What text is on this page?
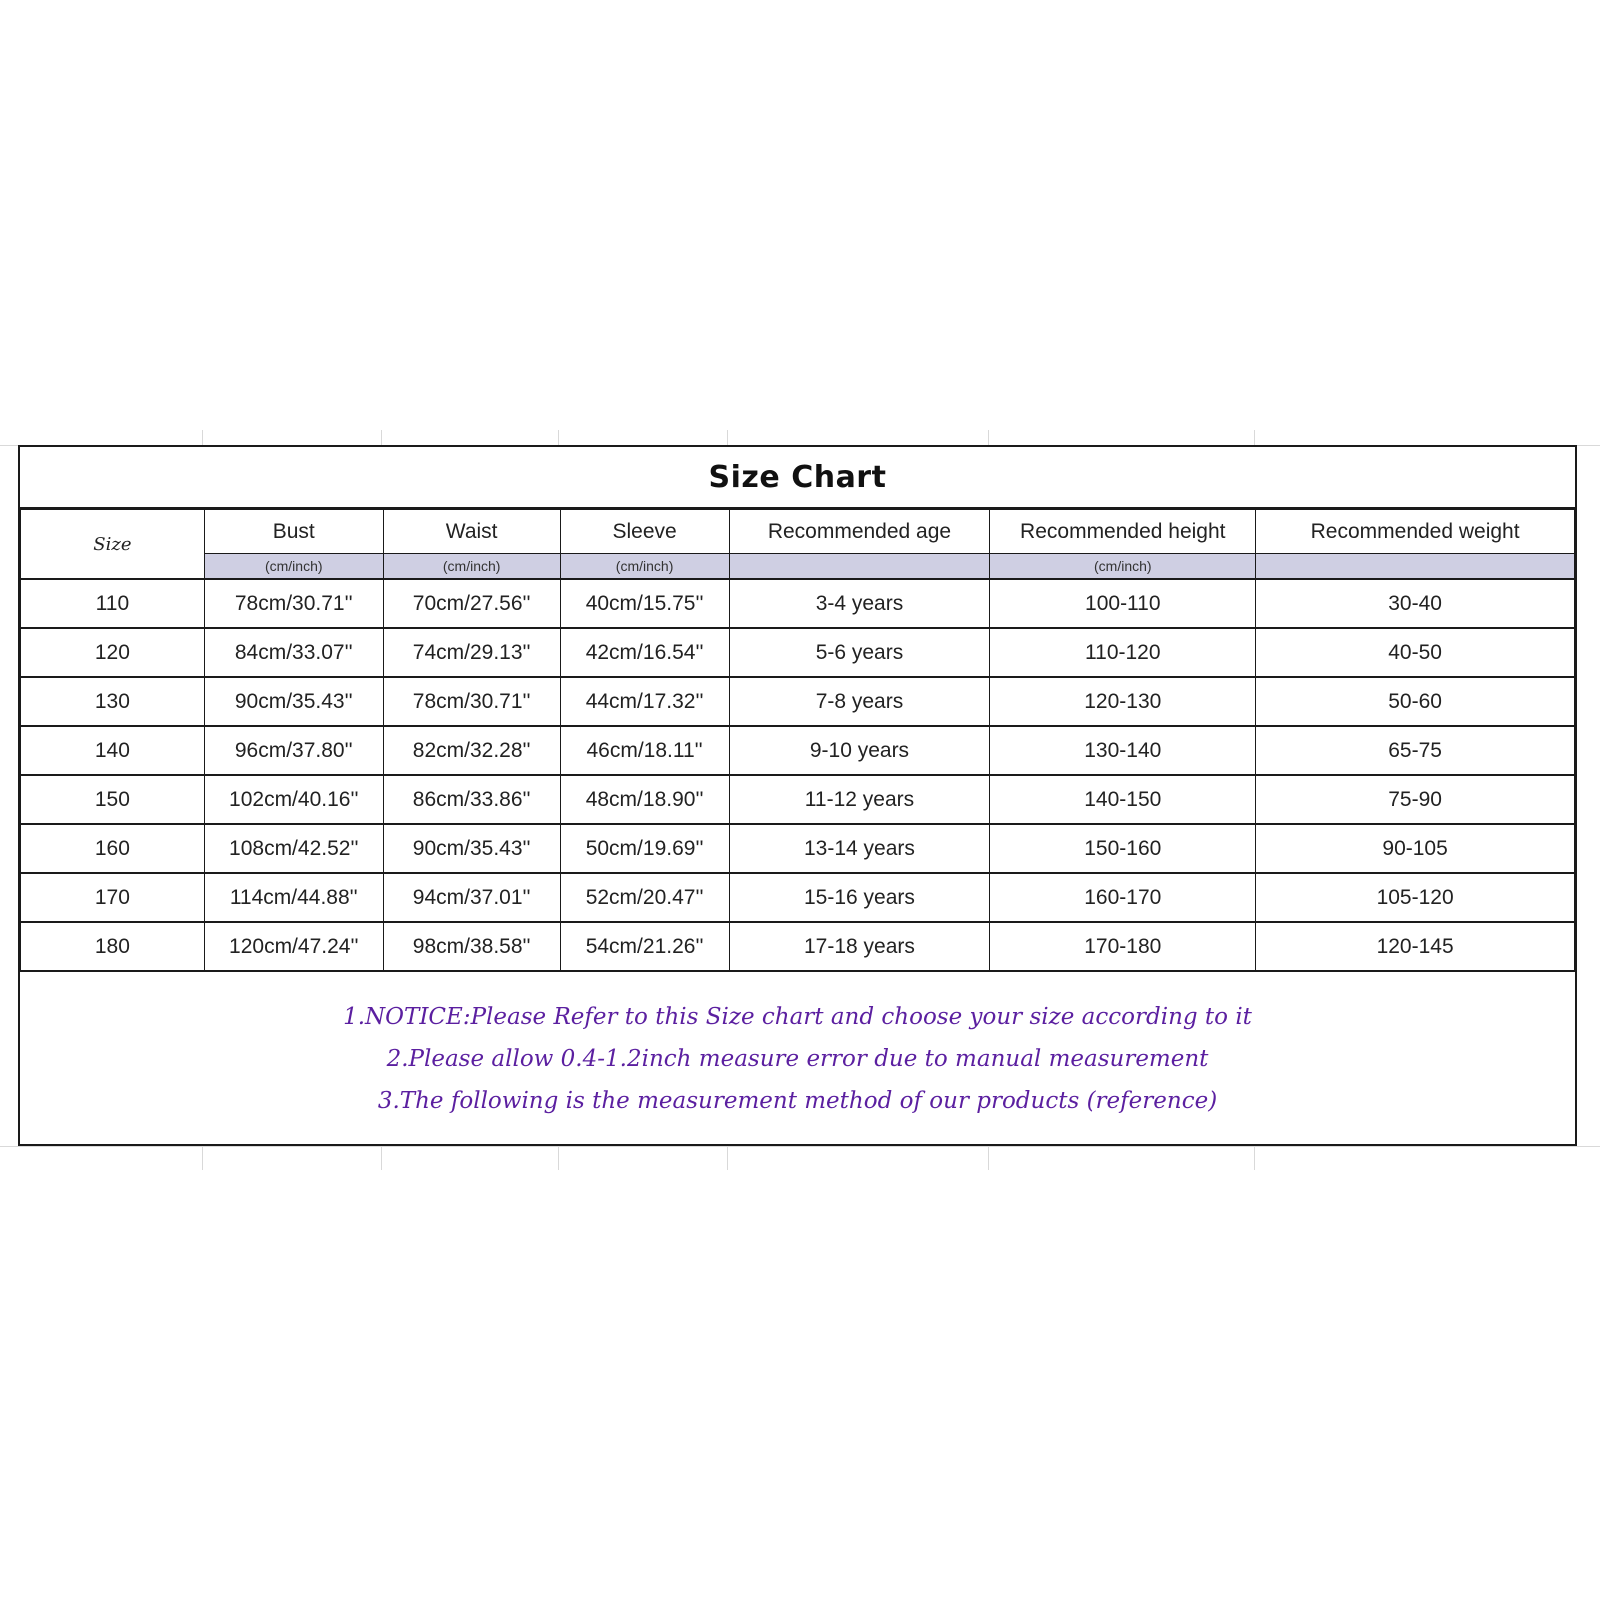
Size Chart
Size	Bust	Waist	Sleeve	Recommended age	Recommended height	Recommended weight
	(cm/inch)	(cm/inch)	(cm/inch)		(cm/inch)	
110	78cm/30.71''	70cm/27.56''	40cm/15.75''	3-4 years	100-110	30-40
120	84cm/33.07''	74cm/29.13''	42cm/16.54''	5-6 years	110-120	40-50
130	90cm/35.43''	78cm/30.71''	44cm/17.32''	7-8 years	120-130	50-60
140	96cm/37.80''	82cm/32.28''	46cm/18.11''	9-10 years	130-140	65-75
150	102cm/40.16''	86cm/33.86''	48cm/18.90''	11-12 years	140-150	75-90
160	108cm/42.52''	90cm/35.43''	50cm/19.69''	13-14 years	150-160	90-105
170	114cm/44.88''	94cm/37.01''	52cm/20.47''	15-16 years	160-170	105-120
180	120cm/47.24''	98cm/38.58''	54cm/21.26''	17-18 years	170-180	120-145
1.NOTICE:Please Refer to this Size chart and choose your size according to it
2.Please allow 0.4-1.2inch measure error due to manual measurement
3.The following is the measurement method of our products (reference)
